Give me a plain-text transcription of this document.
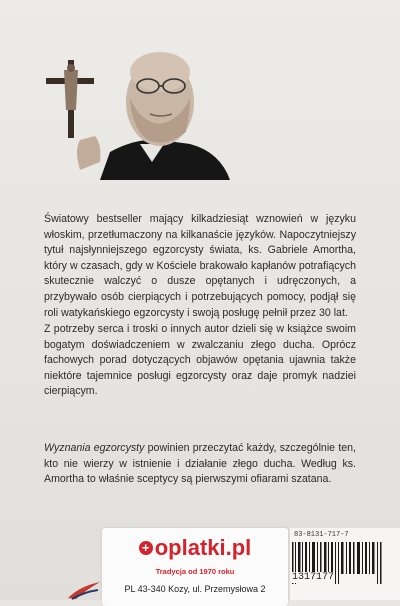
Światowy bestseller mający kilkadziesiąt wznowień w języku włoskim, przetłumaczony na kilkanaście języków. Napoczytniejszy tytuł najsłynniejszego egzorcysty świata, ks. Gabriele Amortha, który w czasach, gdy w Kościele brakowało kapłanów potrafiących skutecznie walczyć o dusze opętanych i udręczonych, a przybywało osób cierpiących i potrzebujących pomocy, podjął się roli watykańskiego egzorcysty i swoją posługę pełnił przez 30 lat.
Z potrzeby serca i troski o innych autor dzieli się w książce swoim bogatym doświadczeniem w zwalczaniu złego ducha. Oprócz fachowych porad dotyczących objawów opętania ujawnia także niektóre tajemnice posługi egzorcysty oraz daje promyk nadziei cierpiącym.
Wyznania egzorcysty powinien przeczytać każdy, szczególnie ten, kto nie wierzy w istnienie i działanie złego ducha. Według ks. Amortha to właśnie sceptycy są pierwszymi ofiarami szatana.
+ oplat​ki.pl
Tradycja od 1970 roku
PL 43-340 Kozy, ul. Przemysłowa 2
83-8131-717-7
1317177
